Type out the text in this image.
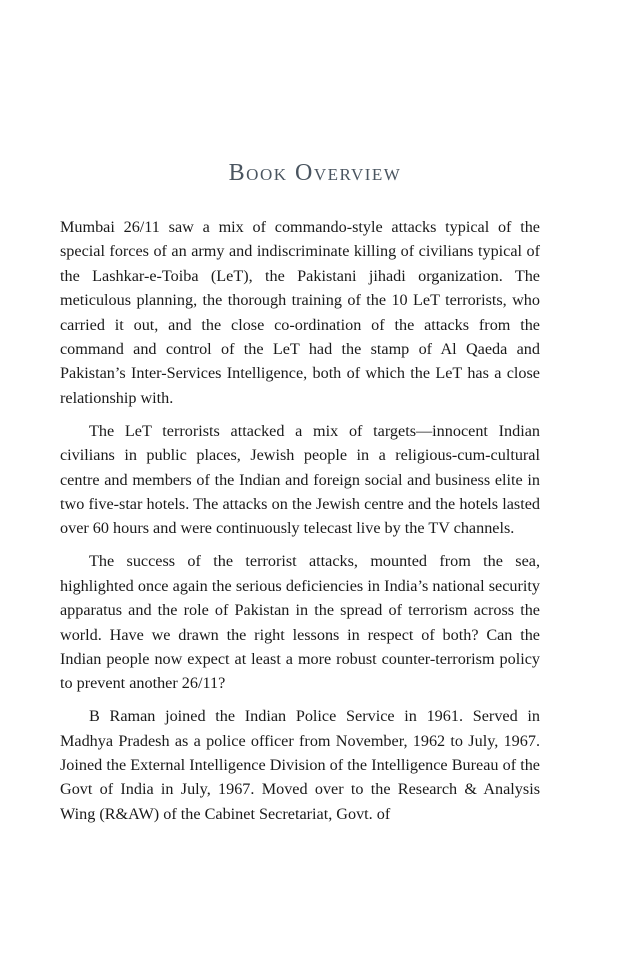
Book Overview

Mumbai 26/11 saw a mix of commando-style attacks typical of the special forces of an army and indiscriminate killing of civilians typical of the Lashkar-e-Toiba (LeT), the Pakistani jihadi organization. The meticulous planning, the thorough training of the 10 LeT terrorists, who carried it out, and the close co-ordination of the attacks from the command and control of the LeT had the stamp of Al Qaeda and Pakistan’s Inter-Services Intelligence, both of which the LeT has a close relationship with.

The LeT terrorists attacked a mix of targets—innocent Indian civilians in public places, Jewish people in a religious-cum-cultural centre and members of the Indian and foreign social and business elite in two five-star hotels. The attacks on the Jewish centre and the hotels lasted over 60 hours and were continuously telecast live by the TV channels.

The success of the terrorist attacks, mounted from the sea, highlighted once again the serious deficiencies in India’s national security apparatus and the role of Pakistan in the spread of terrorism across the world. Have we drawn the right lessons in respect of both? Can the Indian people now expect at least a more robust counter-terrorism policy to prevent another 26/11?

B Raman joined the Indian Police Service in 1961. Served in Madhya Pradesh as a police officer from November, 1962 to July, 1967. Joined the External Intelligence Division of the Intelligence Bureau of the Govt of India in July, 1967. Moved over to the Research & Analysis Wing (R&AW) of the Cabinet Secretariat, Govt. of
